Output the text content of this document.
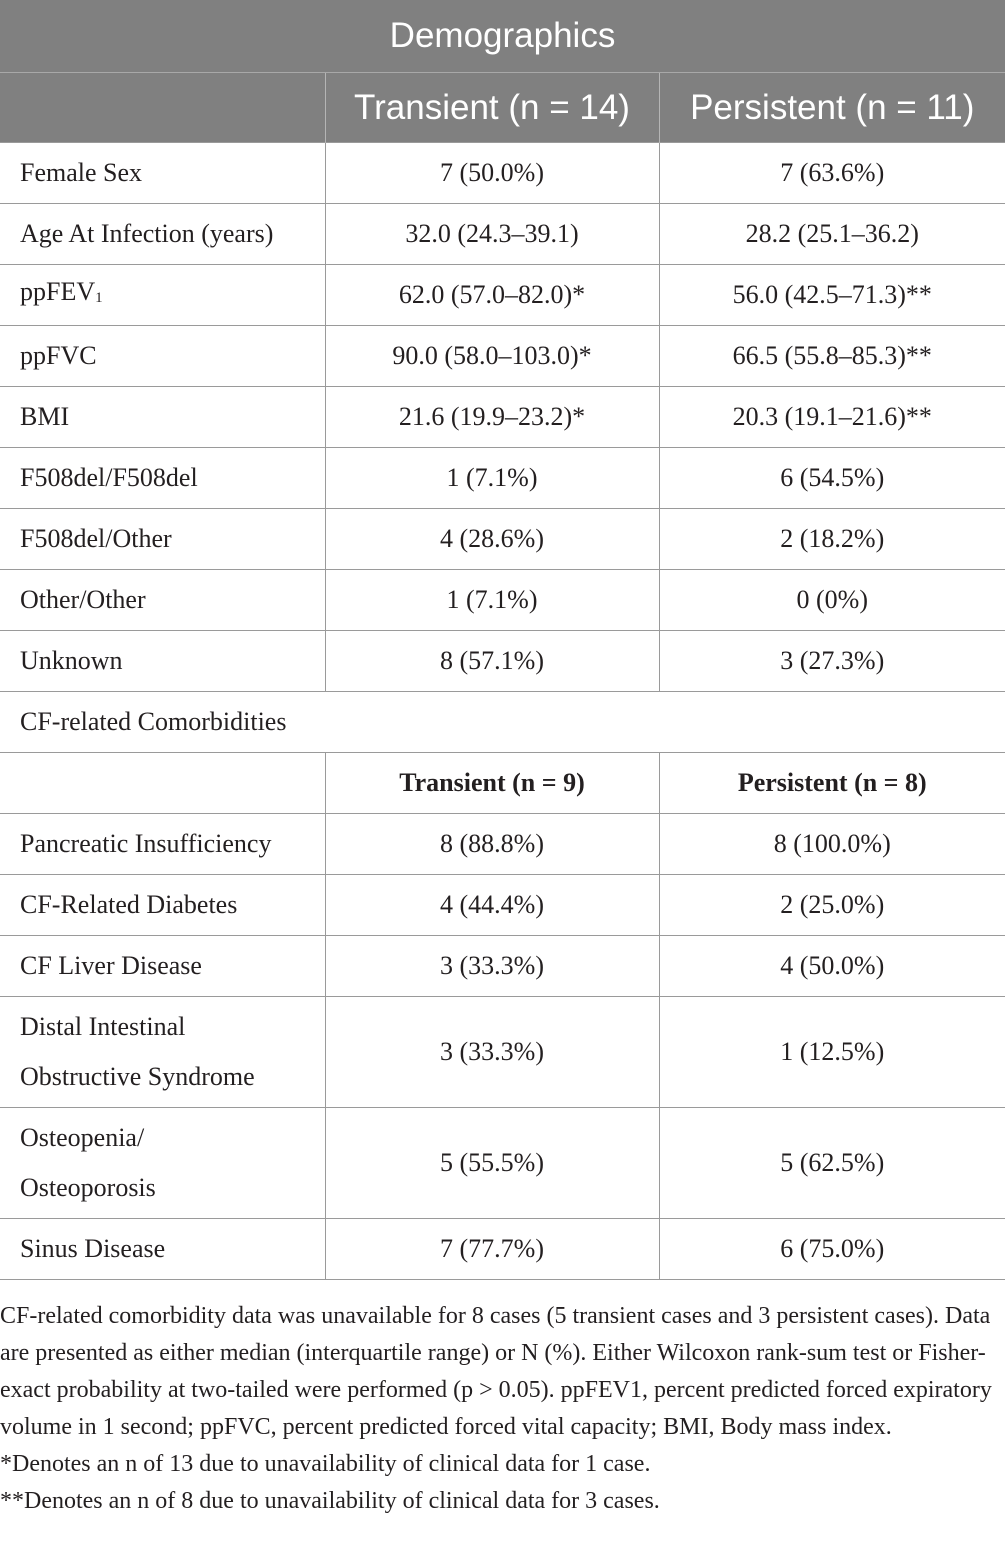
Demographics		
	Transient (n = 14)	Persistent (n = 11)
Female Sex	7 (50.0%)	7 (63.6%)
Age At Infection (years)	32.0 (24.3–39.1)	28.2 (25.1–36.2)
ppFEV$_1$	62.0 (57.0–82.0)*	56.0 (42.5–71.3)**
ppFVC	90.0 (58.0–103.0)*	66.5 (55.8–85.3)**
BMI	21.6 (19.9–23.2)*	20.3 (19.1–21.6)**
F508del/F508del	1 (7.1%)	6 (54.5%)
F508del/Other	4 (28.6%)	2 (18.2%)
Other/Other	1 (7.1%)	0 (0%)
Unknown	8 (57.1%)	3 (27.3%)
CF-related Comorbidities		
	Transient (n = 9)	Persistent (n = 8)
Pancreatic Insufficiency	8 (88.8%)	8 (100.0%)
CF-Related Diabetes	4 (44.4%)	2 (25.0%)
CF Liver Disease	3 (33.3%)	4 (50.0%)
Distal Intestinal
Obstructive Syndrome	3 (33.3%)	1 (12.5%)
Osteopenia/
Osteoporosis	5 (55.5%)	5 (62.5%)
Sinus Disease	7 (77.7%)	6 (75.0%)

CF-related comorbidity data was unavailable for 8 cases (5 transient cases and 3 persistent cases). Data are presented as either median (interquartile range) or N (%). Either Wilcoxon rank-sum test or Fisher-exact probability at two-tailed were performed (p > 0.05). ppFEV1, percent predicted forced expiratory volume in 1 second; ppFVC, percent predicted forced vital capacity; BMI, Body mass index.

*Denotes an n of 13 due to unavailability of clinical data for 1 case.

**Denotes an n of 8 due to unavailability of clinical data for 3 cases.
